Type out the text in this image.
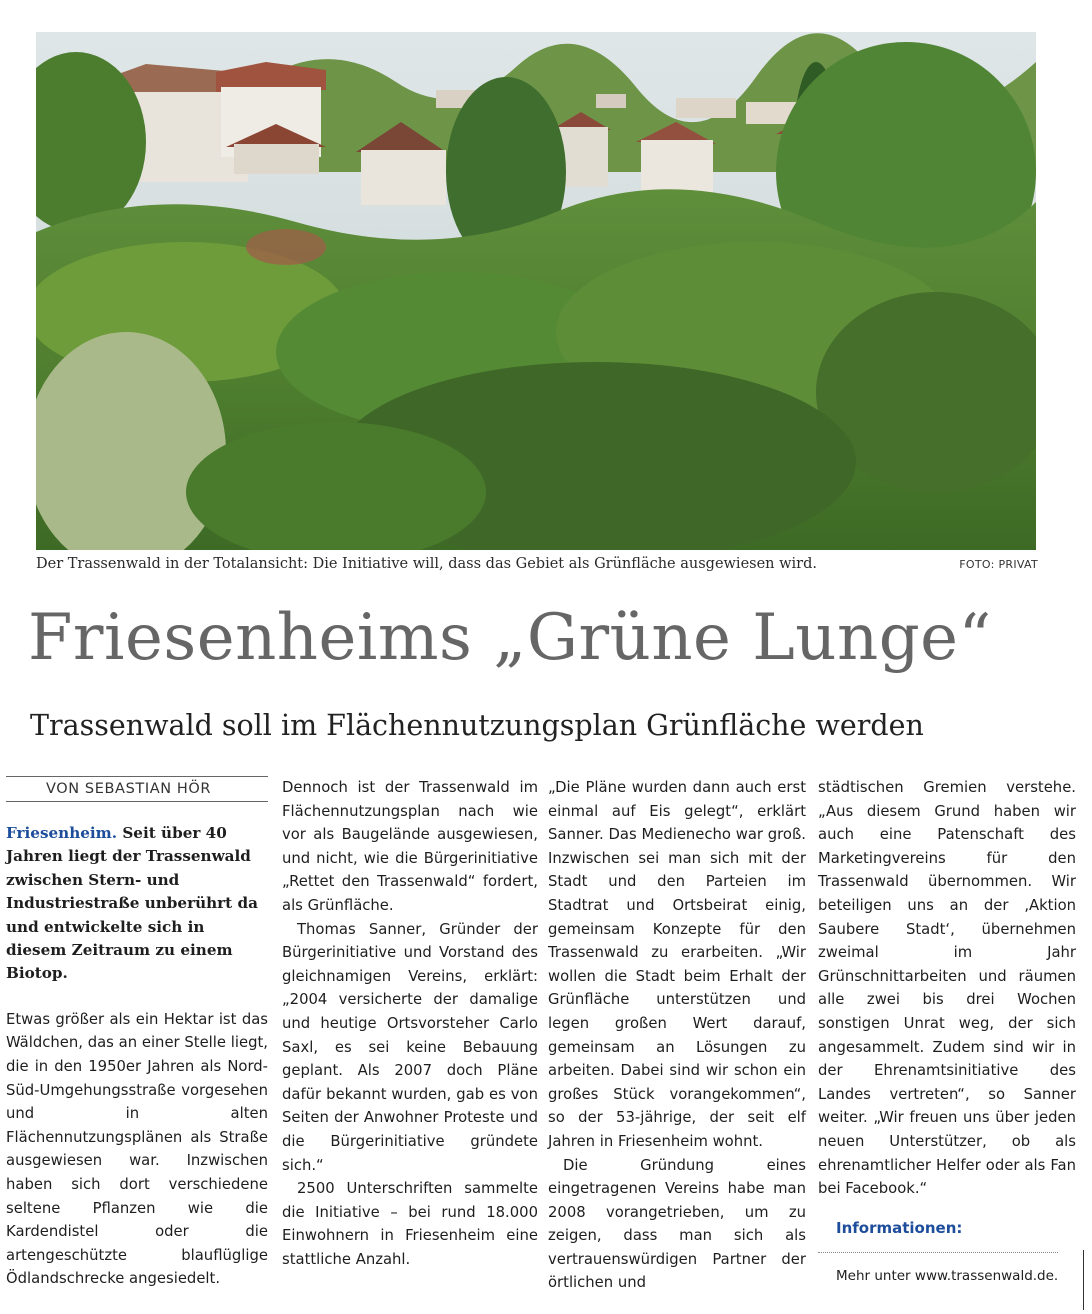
Der Trassenwald in der Totalansicht: Die Initiative will, dass das Gebiet als Grünfläche ausgewiesen wird.	FOTO: PRIVAT
Friesenheims „Grüne Lunge“
Trassenwald soll im Flächennutzungsplan Grünfläche werden
VON SEBASTIAN HÖR

Friesenheim. Seit über 40 Jahren liegt der Trassenwald zwischen Stern- und Industriestraße unberührt da und entwickelte sich in diesem Zeitraum zu einem Biotop.

Etwas größer als ein Hektar ist das Wäldchen, das an einer Stelle liegt, die in den 1950er Jahren als Nord-Süd-Umgehungsstraße vorgesehen und in alten Flächennutzungsplänen als Straße ausgewiesen war. Inzwischen haben sich dort verschiedene seltene Pflanzen wie die Kardendistel oder die artengeschützte blauflüglige Ödlandschrecke angesiedelt.

Dennoch ist der Trassenwald im Flächennutzungsplan nach wie vor als Baugelände ausgewiesen, und nicht, wie die Bürgerinitiative „Rettet den Trassenwald“ fordert, als Grünfläche.

Thomas Sanner, Gründer der Bürgerinitiative und Vorstand des gleichnamigen Vereins, erklärt: „2004 versicherte der damalige und heutige Ortsvorsteher Carlo Saxl, es sei keine Bebauung geplant. Als 2007 doch Pläne dafür bekannt wurden, gab es von Seiten der Anwohner Proteste und die Bürgerinitiative gründete sich.“

2500 Unterschriften sammelte die Initiative – bei rund 18.000 Einwohnern in Friesenheim eine stattliche Anzahl.

„Die Pläne wurden dann auch erst einmal auf Eis gelegt“, erklärt Sanner. Das Medienecho war groß. Inzwischen sei man sich mit der Stadt und den Parteien im Stadtrat und Ortsbeirat einig, gemeinsam Konzepte für den Trassenwald zu erarbeiten. „Wir wollen die Stadt beim Erhalt der Grünfläche unterstützen und legen großen Wert darauf, gemeinsam an Lösungen zu arbeiten. Dabei sind wir schon ein großes Stück vorangekommen“, so der 53-jährige, der seit elf Jahren in Friesenheim wohnt.

Die Gründung eines eingetragenen Vereins habe man 2008 vorangetrieben, um zu zeigen, dass man sich als vertrauenswürdigen Partner der örtlichen und

städtischen Gremien verstehe. „Aus diesem Grund haben wir auch eine Patenschaft des Marketingvereins für den Trassenwald übernommen. Wir beteiligen uns an der ‚Aktion Saubere Stadt‘, übernehmen zweimal im Jahr Grünschnittarbeiten und räumen alle zwei bis drei Wochen sonstigen Unrat weg, der sich angesammelt. Zudem sind wir in der Ehrenamtsinitiative des Landes vertreten“, so Sanner weiter. „Wir freuen uns über jeden neuen Unterstützer, ob als ehrenamtlicher Helfer oder als Fan bei Facebook.“

Informationen:
Mehr unter www.trassenwald.de.
